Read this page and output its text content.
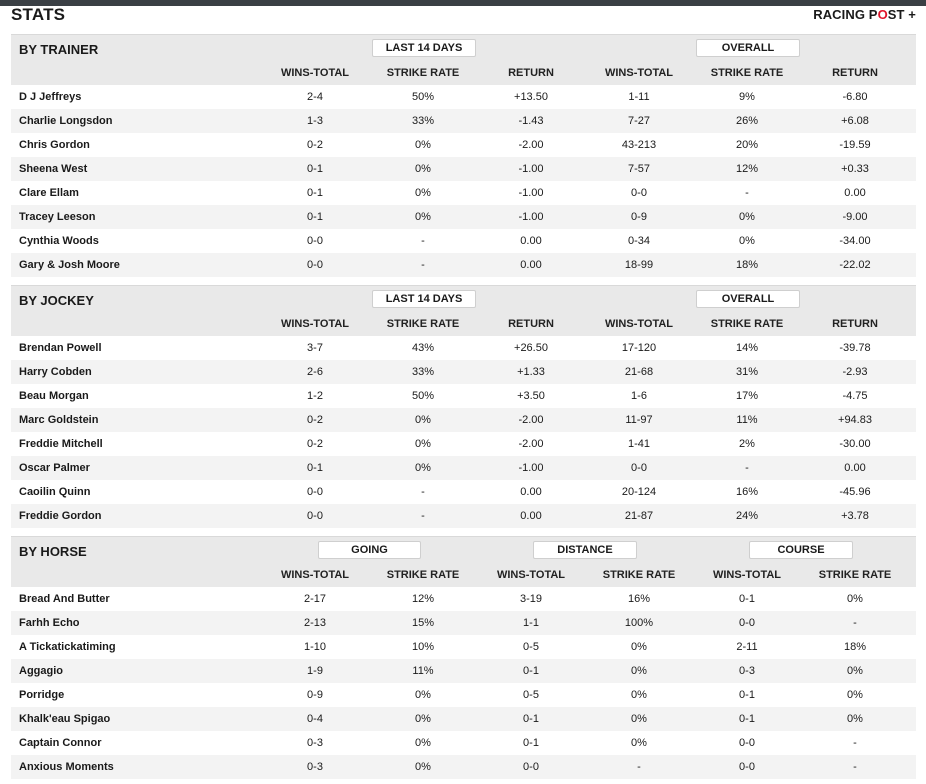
STATS	RACING POST +
BY TRAINER	LAST 14 DAYS	OVERALL
WINS-TOTAL	STRIKE RATE	RETURN	WINS-TOTAL	STRIKE RATE	RETURN
D J Jeffreys	2-4	50%	+13.50	1-11	9%	-6.80
Charlie Longsdon	1-3	33%	-1.43	7-27	26%	+6.08
Chris Gordon	0-2	0%	-2.00	43-213	20%	-19.59
Sheena West	0-1	0%	-1.00	7-57	12%	+0.33
Clare Ellam	0-1	0%	-1.00	0-0	-	0.00
Tracey Leeson	0-1	0%	-1.00	0-9	0%	-9.00
Cynthia Woods	0-0	-	0.00	0-34	0%	-34.00
Gary & Josh Moore	0-0	-	0.00	18-99	18%	-22.02
BY JOCKEY	LAST 14 DAYS	OVERALL
WINS-TOTAL	STRIKE RATE	RETURN	WINS-TOTAL	STRIKE RATE	RETURN
Brendan Powell	3-7	43%	+26.50	17-120	14%	-39.78
Harry Cobden	2-6	33%	+1.33	21-68	31%	-2.93
Beau Morgan	1-2	50%	+3.50	1-6	17%	-4.75
Marc Goldstein	0-2	0%	-2.00	11-97	11%	+94.83
Freddie Mitchell	0-2	0%	-2.00	1-41	2%	-30.00
Oscar Palmer	0-1	0%	-1.00	0-0	-	0.00
Caoilin Quinn	0-0	-	0.00	20-124	16%	-45.96
Freddie Gordon	0-0	-	0.00	21-87	24%	+3.78
BY HORSE	GOING	DISTANCE	COURSE
WINS-TOTAL	STRIKE RATE	WINS-TOTAL	STRIKE RATE	WINS-TOTAL	STRIKE RATE
Bread And Butter	2-17	12%	3-19	16%	0-1	0%
Farhh Echo	2-13	15%	1-1	100%	0-0	-
A Tickatickatiming	1-10	10%	0-5	0%	2-11	18%
Aggagio	1-9	11%	0-1	0%	0-3	0%
Porridge	0-9	0%	0-5	0%	0-1	0%
Khalk'eau Spigao	0-4	0%	0-1	0%	0-1	0%
Captain Connor	0-3	0%	0-1	0%	0-0	-
Anxious Moments	0-3	0%	0-0	-	0-0	-
